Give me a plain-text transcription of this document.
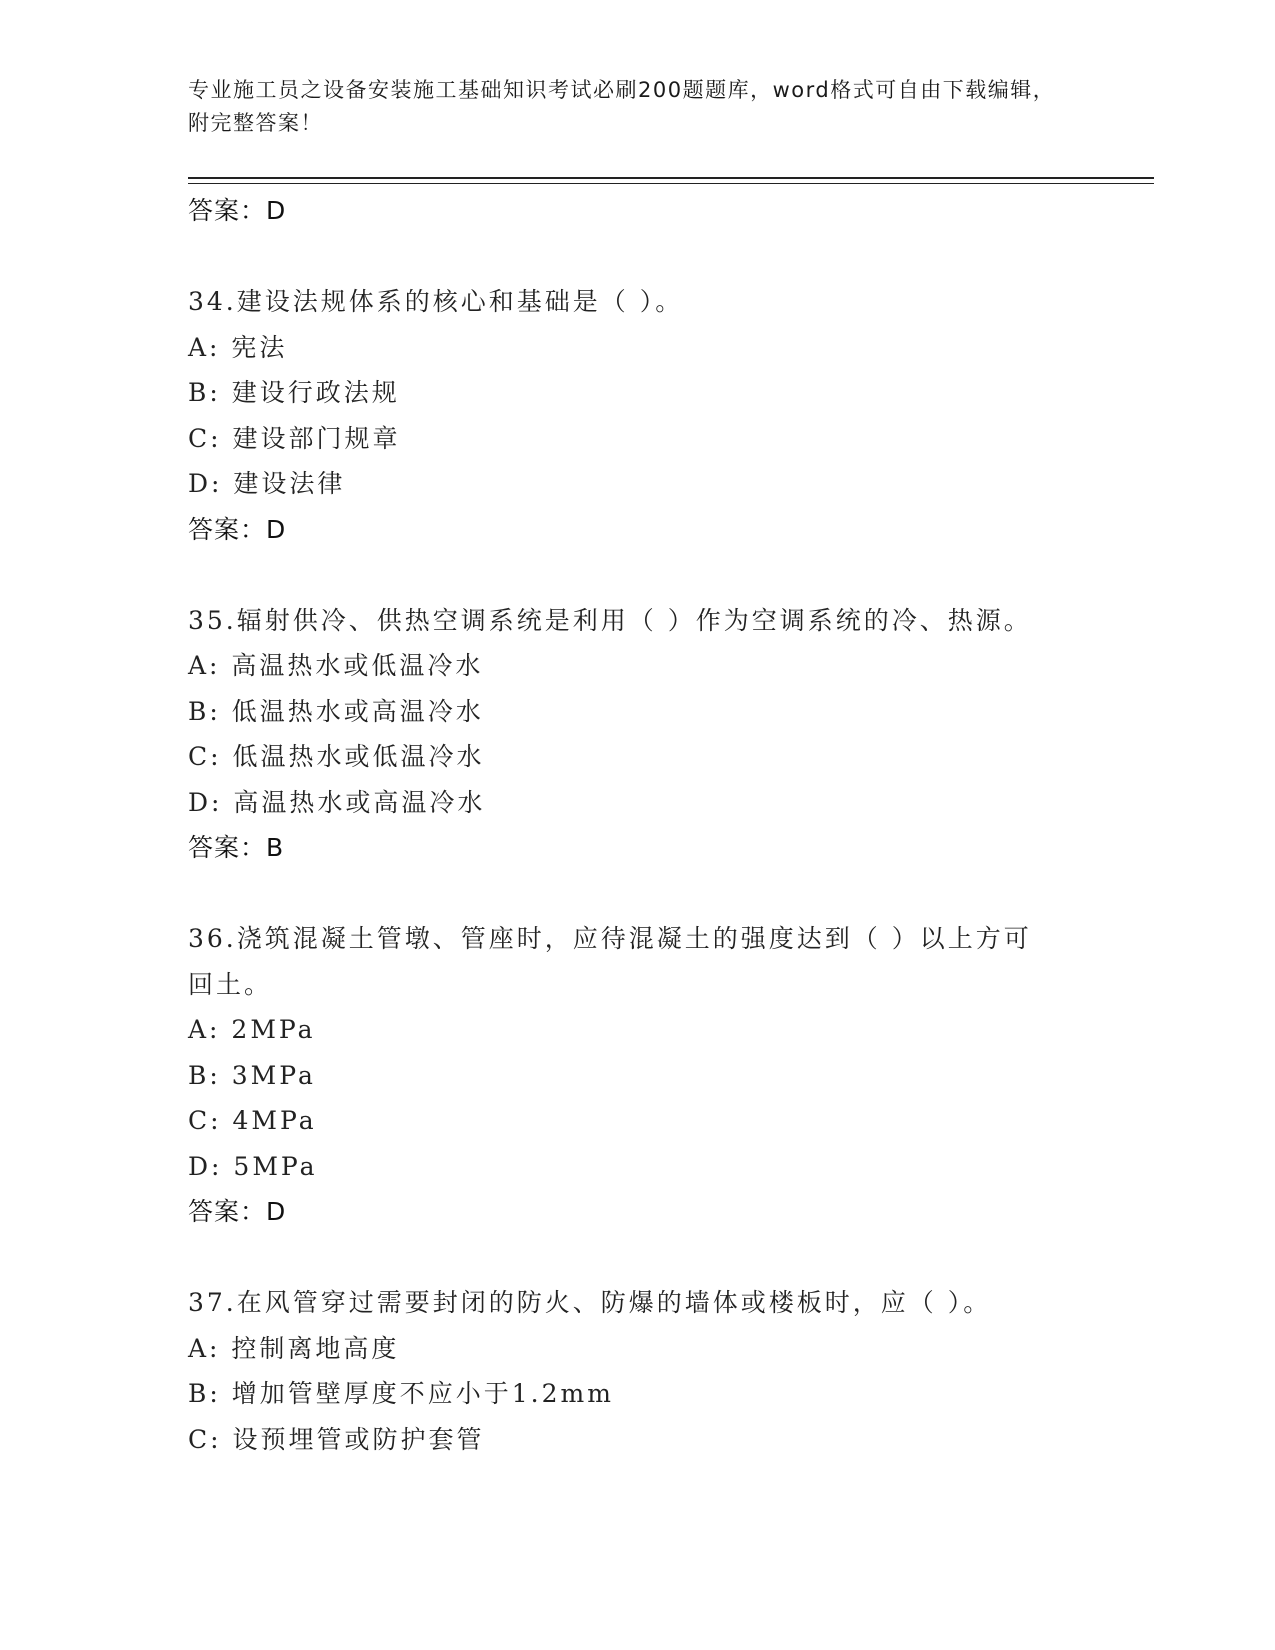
专业施工员之设备安装施工基础知识考试必刷200题题库，word格式可自由下载编辑，附完整答案！
答案：D
34.建设法规体系的核心和基础是（ ）。
A: 宪法
B: 建设行政法规
C: 建设部门规章
D: 建设法律
答案：D
35.辐射供冷、供热空调系统是利用（ ）作为空调系统的冷、热源。
A: 高温热水或低温冷水
B: 低温热水或高温冷水
C: 低温热水或低温冷水
D: 高温热水或高温冷水
答案：B
36.浇筑混凝土管墩、管座时，应待混凝土的强度达到（ ）以上方可
回土。
A: 2MPa
B: 3MPa
C: 4MPa
D: 5MPa
答案：D
37.在风管穿过需要封闭的防火、防爆的墙体或楼板时，应（ ）。
A: 控制离地高度
B: 增加管壁厚度不应小于1.2mm
C: 设预埋管或防护套管
